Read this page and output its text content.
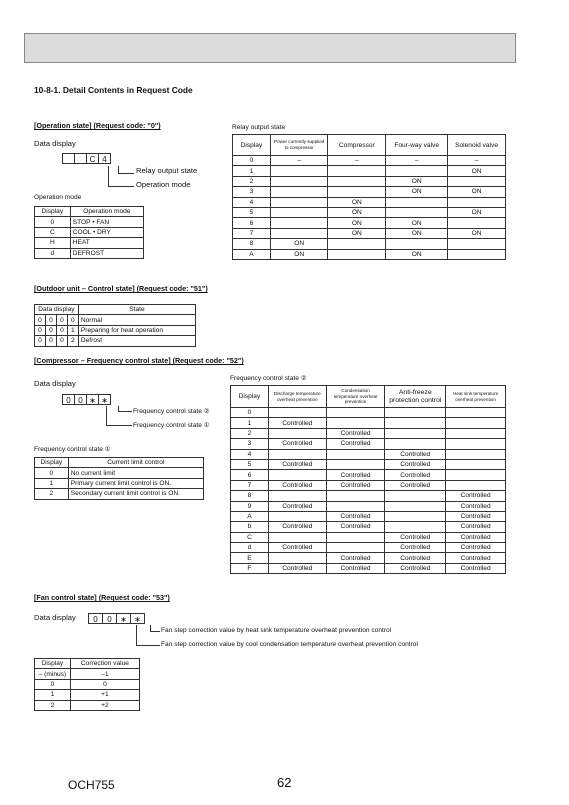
10-8-1. Detail Contents in Request Code
[Operation state] (Request code: "0")
Data display
C 4
Relay output state
Operation mode
Operation mode
Display	Operation mode
0	STOP • FAN
C	COOL • DRY
H	HEAT
d	DEFROST
Relay output state
Display	Power currently supplied to compressor	Compressor	Four-way valve	Solenoid valve
0	–	–	–	–
1				ON
2			ON	
3			ON	ON
4		ON		
5		ON		ON
6		ON	ON	
7		ON	ON	ON
8	ON			
A	ON		ON	
[Outdoor unit – Control state] (Request code: "51")
Data display				State
0	0	0	0	Normal
0	0	0	1	Preparing for heat operation
0	0	0	2	Defrost
[Compressor – Frequency control state] (Request code: "52")
Data display
0 0 ∗ ∗
Frequency control state ②
Frequency control state ①
Frequency control state ①
Display	Current limit control
0	No current limit
1	Primary current limit control is ON.
2	Secondary current limit control is ON.
Frequency control state ②
Display	Discharge temperature overheat prevention	Condensation temperature overheat prevention	Anti-freeze protection control	Heat sink temperature overheat prevention
0				
1	Controlled			
2		Controlled		
3	Controlled	Controlled		
4			Controlled	
5	Controlled		Controlled	
6		Controlled	Controlled	
7	Controlled	Controlled	Controlled	
8				Controlled
9	Controlled			Controlled
A		Controlled		Controlled
b	Controlled	Controlled		Controlled
C			Controlled	Controlled
d	Controlled		Controlled	Controlled
E		Controlled	Controlled	Controlled
F	Controlled	Controlled	Controlled	Controlled
[Fan control state] (Request code: "53")
Data display	0	0	∗ ∗
Fan step correction value by heat sink temperature overheat prevention control
Fan step correction value by cool condensation temperature overheat prevention control
Display	Correction value
– (minus)	–1
0	0
1	+1
2	+2
OCH755	62
